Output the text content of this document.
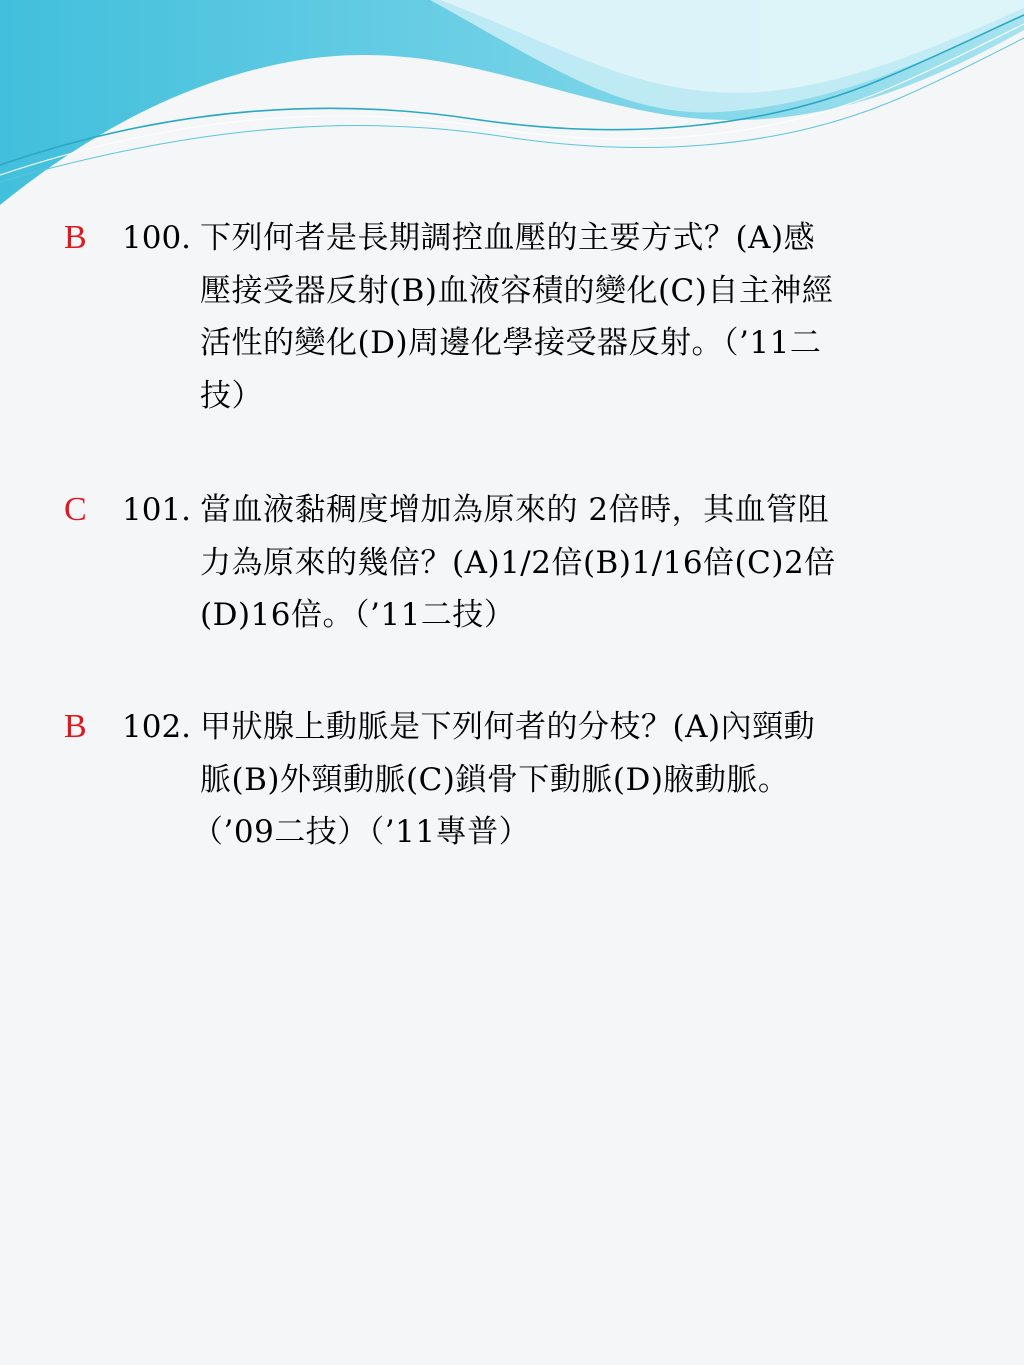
B 100. 下列何者是長期調控血壓的主要方式？(A)感
壓接受器反射(B)血液容積的變化(C)自主神經
活性的變化(D)周邊化學接受器反射。（’11二
技）
C 101. 當血液黏稠度增加為原來的 2倍時，其血管阻
力為原來的幾倍？(A)1/2倍(B)1/16倍(C)2倍
(D)16倍。（’11二技）
B 102. 甲狀腺上動脈是下列何者的分枝？(A)內頸動
脈(B)外頸動脈(C)鎖骨下動脈(D)腋動脈。
（’09二技）（’11專普）
